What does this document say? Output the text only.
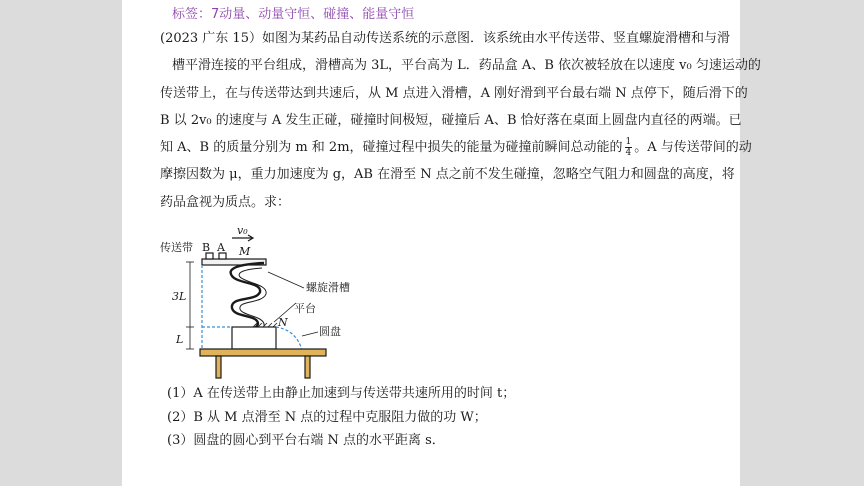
标签：7动量、动量守恒、碰撞、能量守恒
(2023 广东 15）如图为某药品自动传送系统的示意图．该系统由水平传送带、竖直螺旋滑槽和与滑
槽平滑连接的平台组成，滑槽高为 3L，平台高为 L．药品盒 A、B 依次被轻放在以速度 v₀ 匀速运动的
传送带上，在与传送带达到共速后，从 M 点进入滑槽，A 刚好滑到平台最右端 N 点停下，随后滑下的
B 以 2v₀ 的速度与 A 发生正碰，碰撞时间极短，碰撞后 A、B 恰好落在桌面上圆盘内直径的两端。已
知 A、B 的质量分别为 m 和 2m，碰撞过程中损失的能量为碰撞前瞬间总动能的 $\frac{1}{4}$ 。A 与传送带间的动
摩擦因数为 μ，重力加速度为 g，AB 在滑至 N 点之前不发生碰撞，忽略空气阻力和圆盘的高度，将
药品盒视为质点。求：
传送带 B A
v₀
M
螺旋滑槽
3L
L
平台
N
圆盘
(1）A 在传送带上由静止加速到与传送带共速所用的时间 t；
(2）B 从 M 点滑至 N 点的过程中克服阻力做的功 W；
(3）圆盘的圆心到平台右端 N 点的水平距离 s．
